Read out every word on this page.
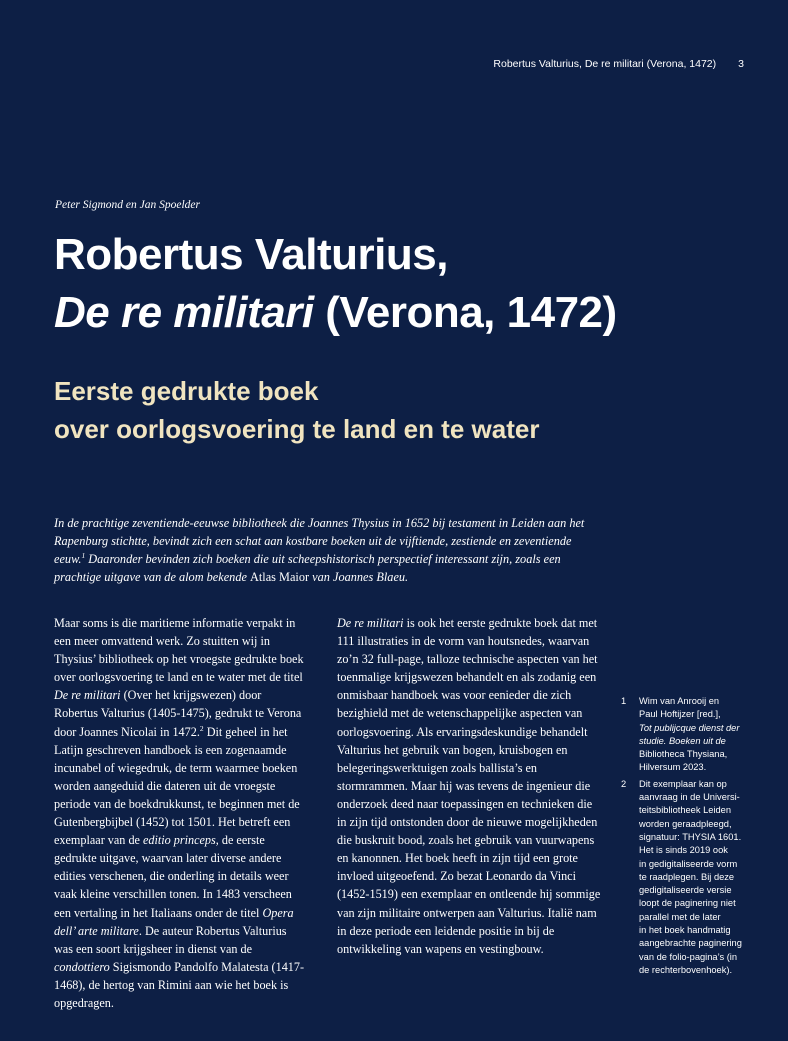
Robertus Valturius, De re militari (Verona, 1472) 3
Peter Sigmond en Jan Spoelder
Robertus Valturius,
De re militari (Verona, 1472)
Eerste gedrukte boek
over oorlogsvoering te land en te water

In de prachtige zeventiende-eeuwse bibliotheek die Joannes Thysius in 1652 bij testament in Leiden aan het Rapenburg stichtte, bevindt zich een schat aan kostbare boeken uit de vijftiende, zestiende en zeventiende eeuw.$^1$ Daaronder bevinden zich boeken die uit scheepshistorisch perspectief interessant zijn, zoals een prachtige uitgave van de alom bekende Atlas Maior van Joannes Blaeu.

Maar soms is die maritieme informatie verpakt in een meer omvattend werk. Zo stuitten wij in Thysius’ bibliotheek op het vroegste gedrukte boek over oorlogsvoering te land en te water met de titel De re militari (Over het krijgswezen) door Robertus Valturius (1405-1475), gedrukt te Verona door Joannes Nicolai in 1472.$^2$ Dit geheel in het Latijn geschreven handboek is een zogenaamde incunabel of wiegedruk, de term waarmee boeken worden aangeduid die dateren uit de vroegste periode van de boekdrukkunst, te beginnen met de Gutenbergbijbel (1452) tot 1501. Het betreft een exemplaar van de editio princeps, de eerste gedrukte uitgave, waarvan later diverse andere edities verschenen, die onderling in details weer vaak kleine verschillen tonen. In 1483 verscheen een vertaling in het Italiaans onder de titel Opera dell’ arte militare. De auteur Robertus Valturius was een soort krijgsheer in dienst van de condottiero Sigismondo Pandolfo Malatesta (1417-1468), de hertog van Rimini aan wie het boek is opgedragen.

De re militari is ook het eerste gedrukte boek dat met 111 illustraties in de vorm van houtsnedes, waarvan zo’n 32 full-page, talloze technische aspecten van het toenmalige krijgswezen behandelt en als zodanig een onmisbaar handboek was voor eenieder die zich bezighield met de wetenschappelijke aspecten van oorlogsvoering. Als ervaringsdeskundige behandelt Valturius het gebruik van bogen, kruisbogen en belegeringswerktuigen zoals ballista’s en stormrammen. Maar hij was tevens de ingenieur die onderzoek deed naar toepassingen en technieken die in zijn tijd ontstonden door de nieuwe mogelijkheden die buskruit bood, zoals het gebruik van vuurwapens en kanonnen. Het boek heeft in zijn tijd een grote invloed uitgeoefend. Zo bezat Leonardo da Vinci (1452-1519) een exemplaar en ontleende hij sommige van zijn militaire ontwerpen aan Valturius. Italië nam in deze periode een leidende positie in bij de ontwikkeling van wapens en vestingbouw.

1	Wim van Anrooij en
Paul Hoftijzer [red.],
Tot publijcque dienst der
studie. Boeken uit de
Bibliotheca Thysiana,
Hilversum 2023.
2	Dit exemplaar kan op
aanvraag in de Universi-
teitsbibliotheek Leiden
worden geraadpleegd,
signatuur: THYSIA 1601.
Het is sinds 2019 ook
in gedigitaliseerde vorm
te raadplegen. Bij deze
gedigitaliseerde versie
loopt de paginering niet
parallel met de later
in het boek handmatig
aangebrachte paginering
van de folio-pagina’s (in
de rechterbovenhoek).
